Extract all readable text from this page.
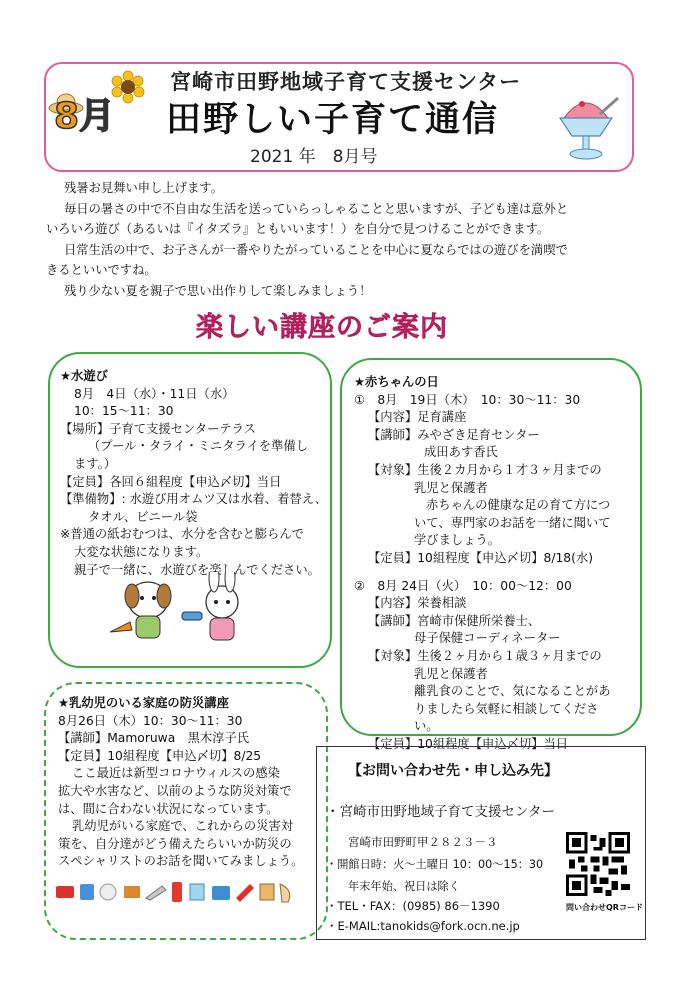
8月
宮崎市田野地域子育て支援センター
田野しい子育て通信
2021 年　8月号

残暑お見舞い申し上げます。

毎日の暑さの中で不自由な生活を送っていらっしゃることと思いますが、子ども達は意外と

いろいろ遊び（あるいは『イタズラ』ともいいます！）を自分で見つけることができます。

日常生活の中で、お子さんが一番やりたがっていることを中心に夏ならではの遊びを満喫で

きるといいですね。

残り少ない夏を親子で思い出作りして楽しみましょう！

楽しい講座のご案内
★水遊び
8月　4日（水）・11日（水）
10：15〜11：30
【場所】子育て支援センターテラス
（プール・タライ・ミニタライを準備し
ます。）
【定員】各回６組程度【申込〆切】当日
【準備物】: 水遊び用オムツ又は水着、着替え、
タオル、ビニール袋
※普通の紙おむつは、水分を含むと膨らんで
大変な状態になります。
親子で一緒に、水遊びを楽しんでください。
★乳幼児のいる家庭の防災講座
8月26日（木）10：30〜11：30
【講師】Mamoruwa　黒木淳子氏
【定員】10組程度【申込〆切】8/25
ここ最近は新型コロナウィルスの感染
拡大や水害など、以前のような防災対策で
は、間に合わない状況になっています。
乳幼児がいる家庭で、これからの災害対
策を、自分達がどう備えたらいいか防災の
スペシャリストのお話を聞いてみましょう。
★赤ちゃんの日
①　8月　19日（木）　10：30〜11：30
【内容】足育講座
【講師】みやざき足育センター
成田あす香氏
【対象】生後２カ月から１才３ヶ月までの
乳児と保護者
赤ちゃんの健康な足の育て方につ
いて、専門家のお話を一緒に聞いて
学びましょう。
【定員】10組程度【申込〆切】8/18(水)
②　8月 24日（火）　10：00〜12：00
【内容】栄養相談
【講師】宮崎市保健所栄養士、
母子保健コーディネーター
【対象】生後２ヶ月から１歳３ヶ月までの
乳児と保護者
離乳食のことで、気になることがあ
りましたら気軽に相談してくださ
い。
【定員】10組程度【申込〆切】当日
【お問い合わせ先・申し込み先】
・宮崎市田野地域子育て支援センター
宮崎市田野町甲２８２３－３
・開館日時：火〜土曜日 10：00〜15：30
年末年始、祝日は除く
・TEL・FAX：(0985) 86－1390
・E-MAIL:tanokids@fork.ocn.ne.jp
問い合わせQRコード
